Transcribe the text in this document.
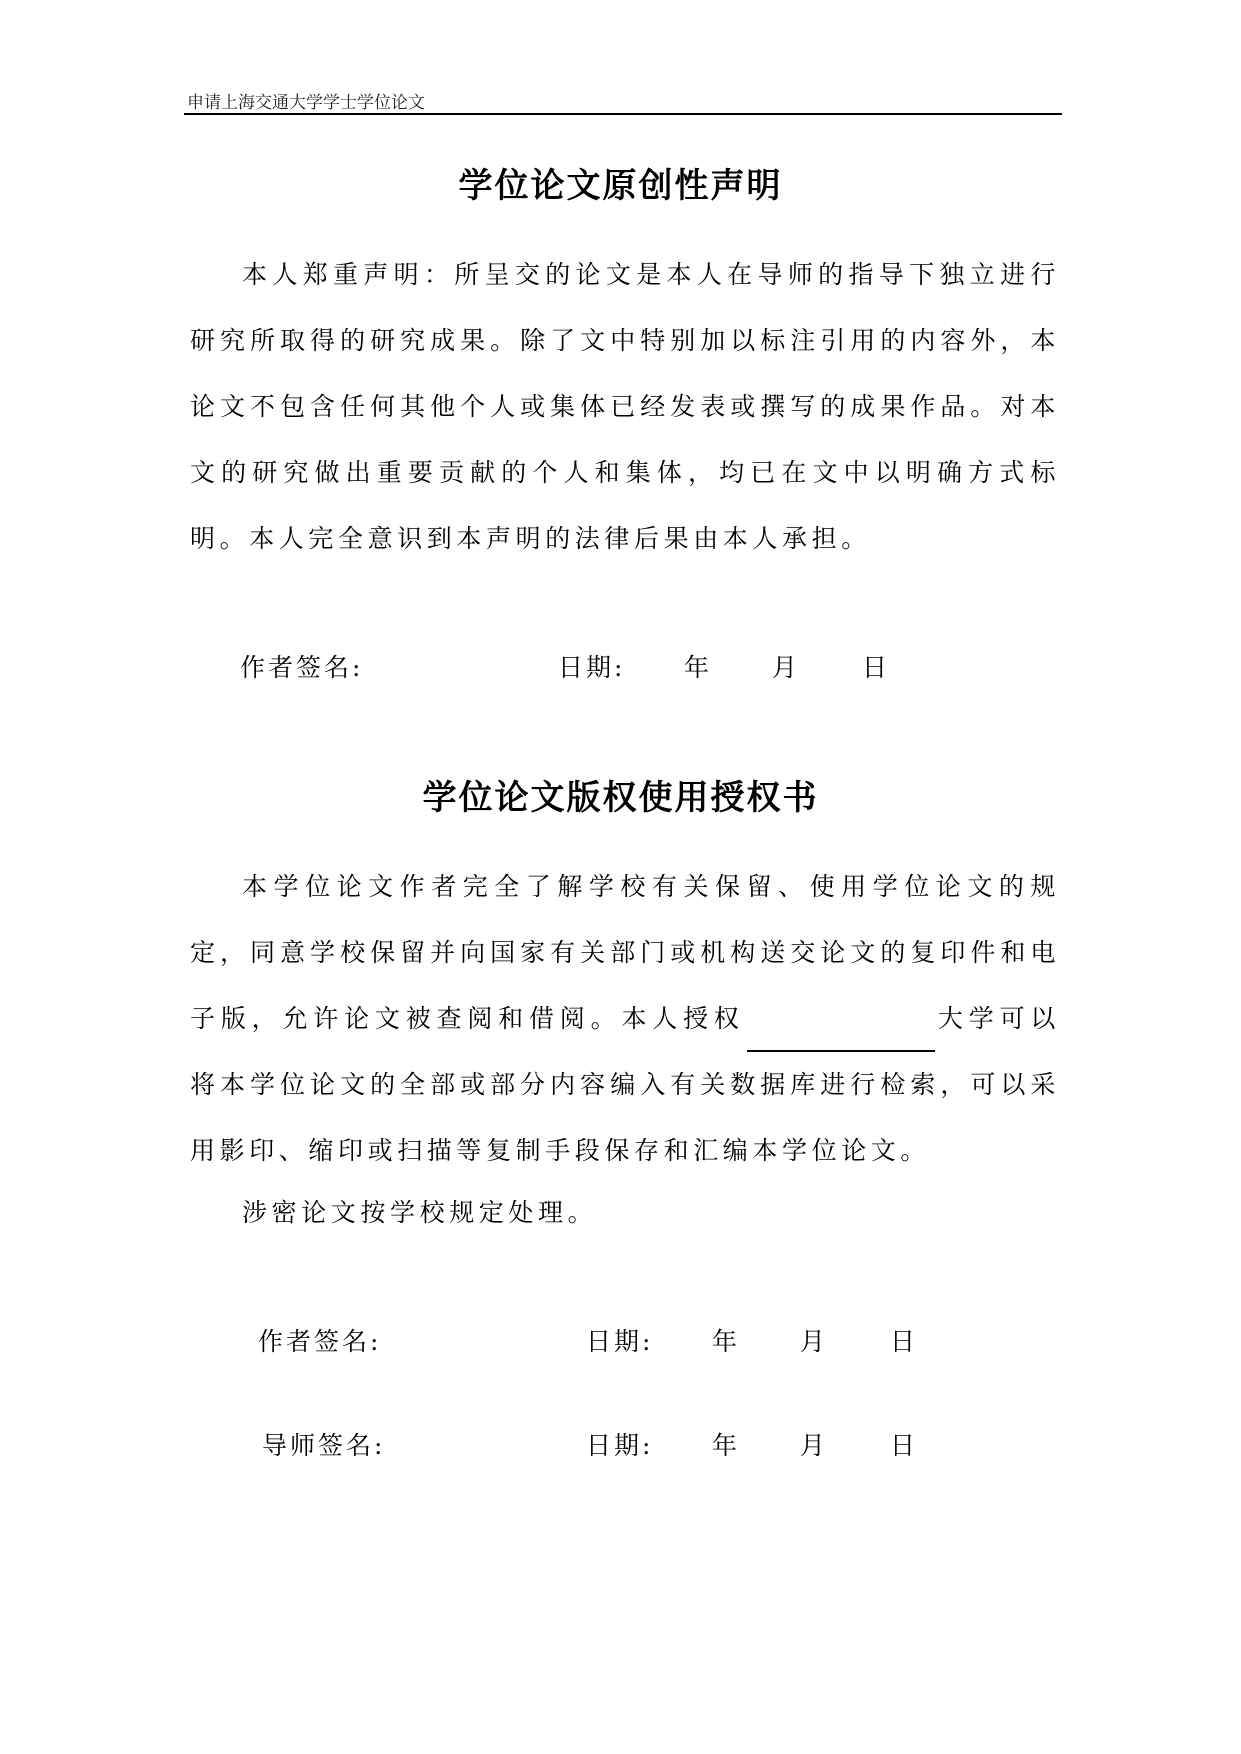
申请上海交通大学学士学位论文
学位论文原创性声明

本人郑重声明：所呈交的论文是本人在导师的指导下独立进行研究所取得的研究成果。除了文中特别加以标注引用的内容外，本论文不包含任何其他个人或集体已经发表或撰写的成果作品。对本文的研究做出重要贡献的个人和集体，均已在文中以明确方式标明。本人完全意识到本声明的法律后果由本人承担。

作者签名:	日期: 年 月 日
学位论文版权使用授权书

本学位论文作者完全了解学校有关保留、使用学位论文的规定，同意学校保留并向国家有关部门或机构送交论文的复印件和电子版，允许论文被查阅和借阅。本人授权	大学可以将本学位论文的全部或部分内容编入有关数据库进行检索，可以采用影印、缩印或扫描等复制手段保存和汇编本学位论文。

涉密论文按学校规定处理。

作者签名:	日期: 年 月 日
导师签名:	日期: 年 月 日
